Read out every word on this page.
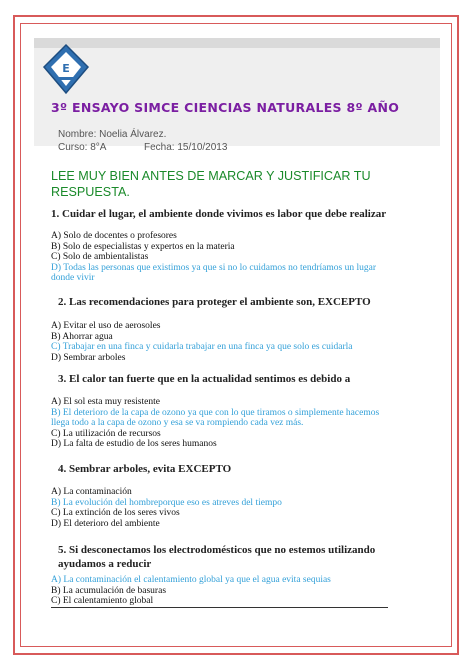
E
3º ENSAYO SIMCE CIENCIAS NATURALES 8º AÑO
Nombre: Noelia Álvarez.
Curso: 8°A	Fecha: 15/10/2013
LEE MUY BIEN ANTES DE MARCAR Y JUSTIFICAR TU RESPUESTA.
1. Cuidar el lugar, el ambiente donde vivimos es labor que debe realizar
A) Solo de docentes o profesores
B) Solo de especialistas y expertos en la materia
C) Solo de ambientalistas
D) Todas las personas que existimos ya que si no lo cuidamos no tendríamos un lugar donde vivir
2. Las recomendaciones para proteger el ambiente son, EXCEPTO
A) Evitar el uso de aerosoles
B) Ahorrar agua
C) Trabajar en una finca y cuidarla trabajar en una finca ya que solo es cuidarla
D) Sembrar arboles
3. El calor tan fuerte que en la actualidad sentimos es debido a
A) El sol esta muy resistente
B) El deterioro de la capa de ozono ya que con lo que tiramos o simplemente hacemos llega todo a la capa de ozono y esa se va rompiendo cada vez más.
C) La utilización de recursos
D) La falta de estudio de los seres humanos
4. Sembrar arboles, evita EXCEPTO
A) La contaminación
B) La evolución del hombreporque eso es atreves del tiempo
C) La extinción de los seres vivos
D) El deterioro del ambiente
5. Si desconectamos los electrodomésticos que no estemos utilizando ayudamos a reducir
A) La contaminación el calentamiento global ya que el agua evita sequias
B) La acumulación de basuras
C) El calentamiento global
